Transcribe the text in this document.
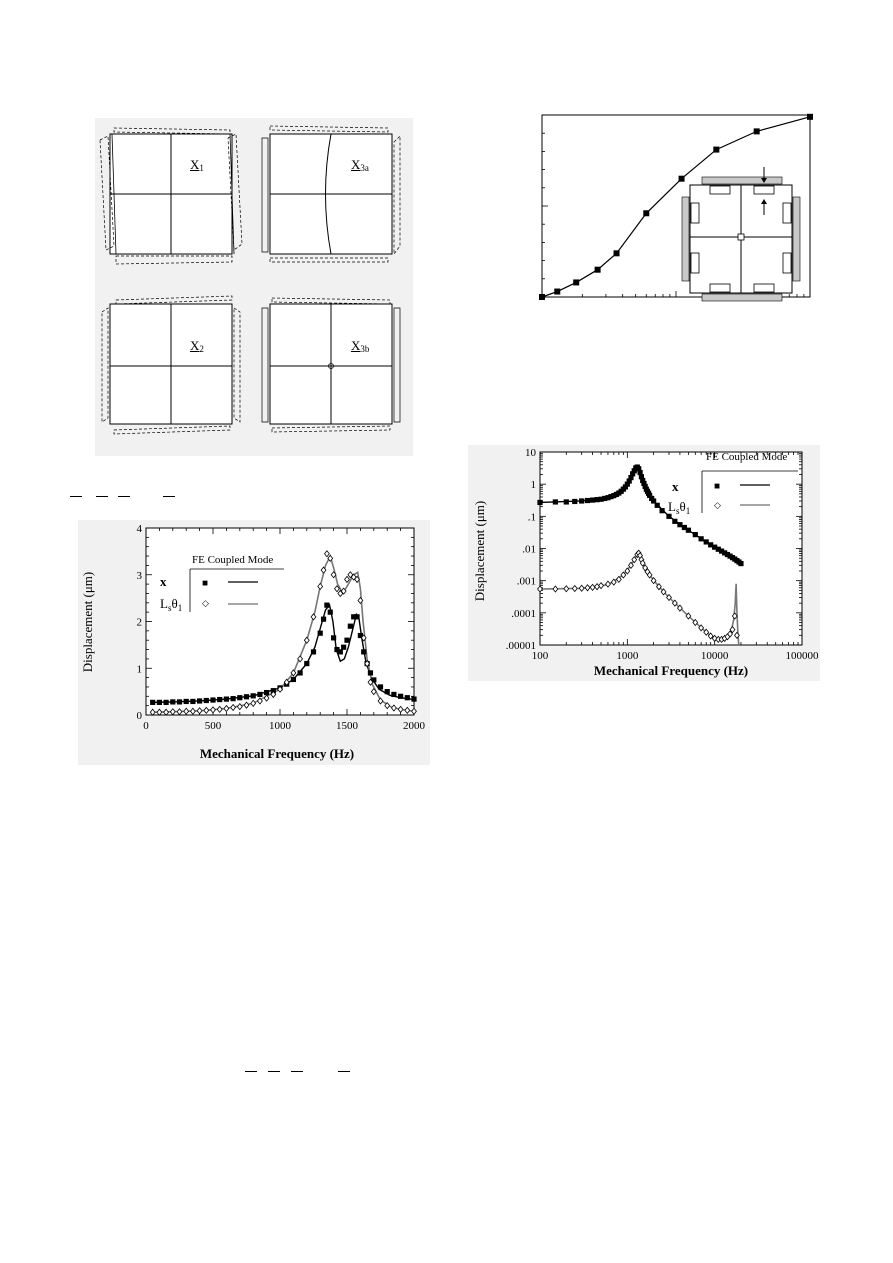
$X_1$	$X_{3a}$
$X_2$	$X_{3b}$
0	500	1000	1500	2000
0
1
2
3
4
Mechanical Frequency (Hz)
Displacement (μm)
FE Coupled Mode
x	■
$L_s\theta_1$ ◇
100	1000	10000	100000
10
1
.1
.01
.001
.0001
.00001
Mechanical Frequency (Hz)
Displacement (μm)
FE Coupled Mode
x	■
$L_s\theta_1$
◇
